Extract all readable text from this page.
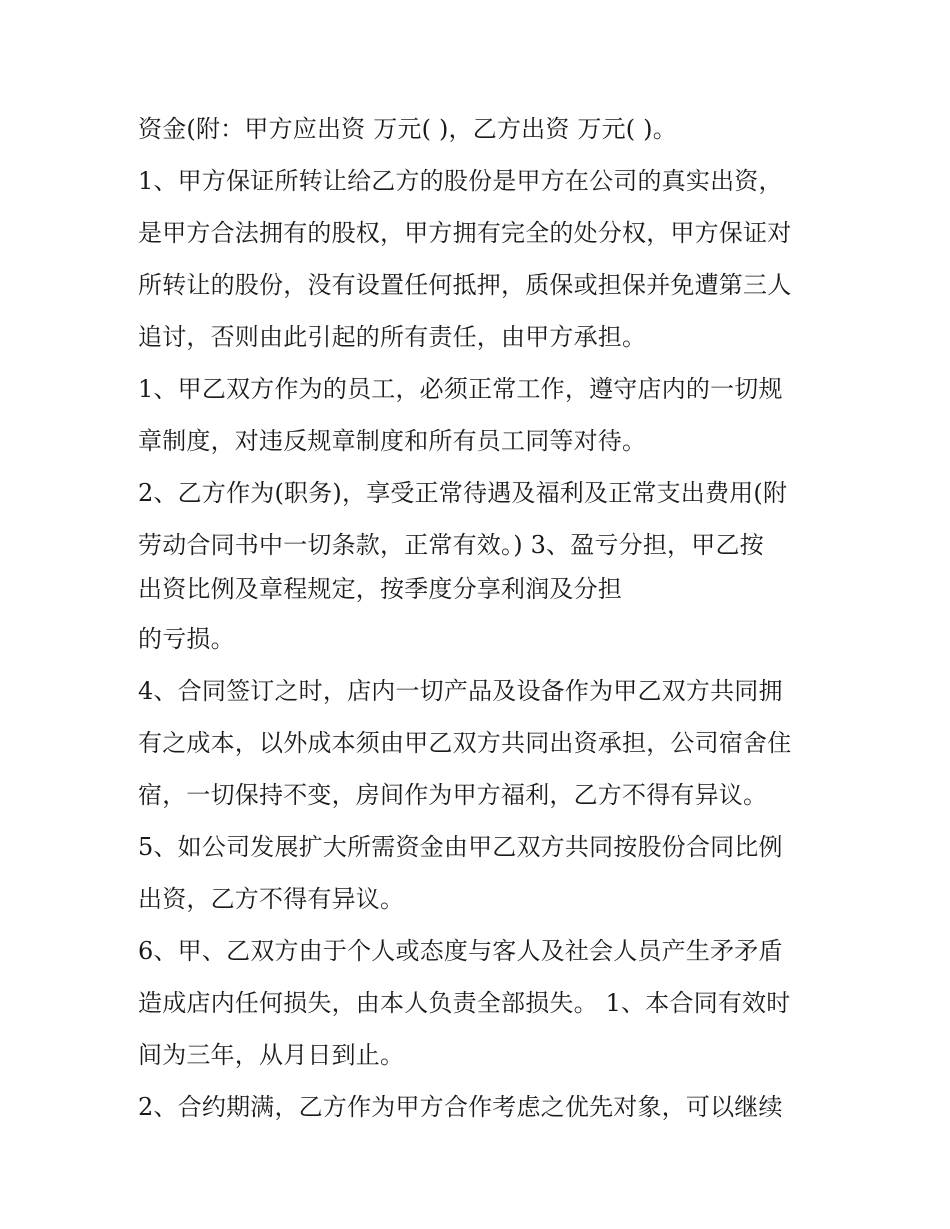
资金(附：甲方应出资 万元( )，乙方出资 万元( )。
1、甲方保证所转让给乙方的股份是甲方在公司的真实出资，
是甲方合法拥有的股权，甲方拥有完全的处分权，甲方保证对
所转让的股份，没有设置任何抵押，质保或担保并免遭第三人
追讨，否则由此引起的所有责任，由甲方承担。
1、甲乙双方作为的员工，必须正常工作，遵守店内的一切规
章制度，对违反规章制度和所有员工同等对待。
2、乙方作为(职务)，享受正常待遇及福利及正常支出费用(附
劳动合同书中一切条款，正常有效。) 3、盈亏分担，甲乙按
出资比例及章程规定，按季度分享利润及分担
的亏损。
4、合同签订之时，店内一切产品及设备作为甲乙双方共同拥
有之成本，以外成本须由甲乙双方共同出资承担，公司宿舍住
宿，一切保持不变，房间作为甲方福利，乙方不得有异议。
5、如公司发展扩大所需资金由甲乙双方共同按股份合同比例
出资，乙方不得有异议。
6、甲、乙双方由于个人或态度与客人及社会人员产生矛矛盾
造成店内任何损失，由本人负责全部损失。 1、本合同有效时
间为三年，从月日到止。
2、合约期满，乙方作为甲方合作考虑之优先对象，可以继续
